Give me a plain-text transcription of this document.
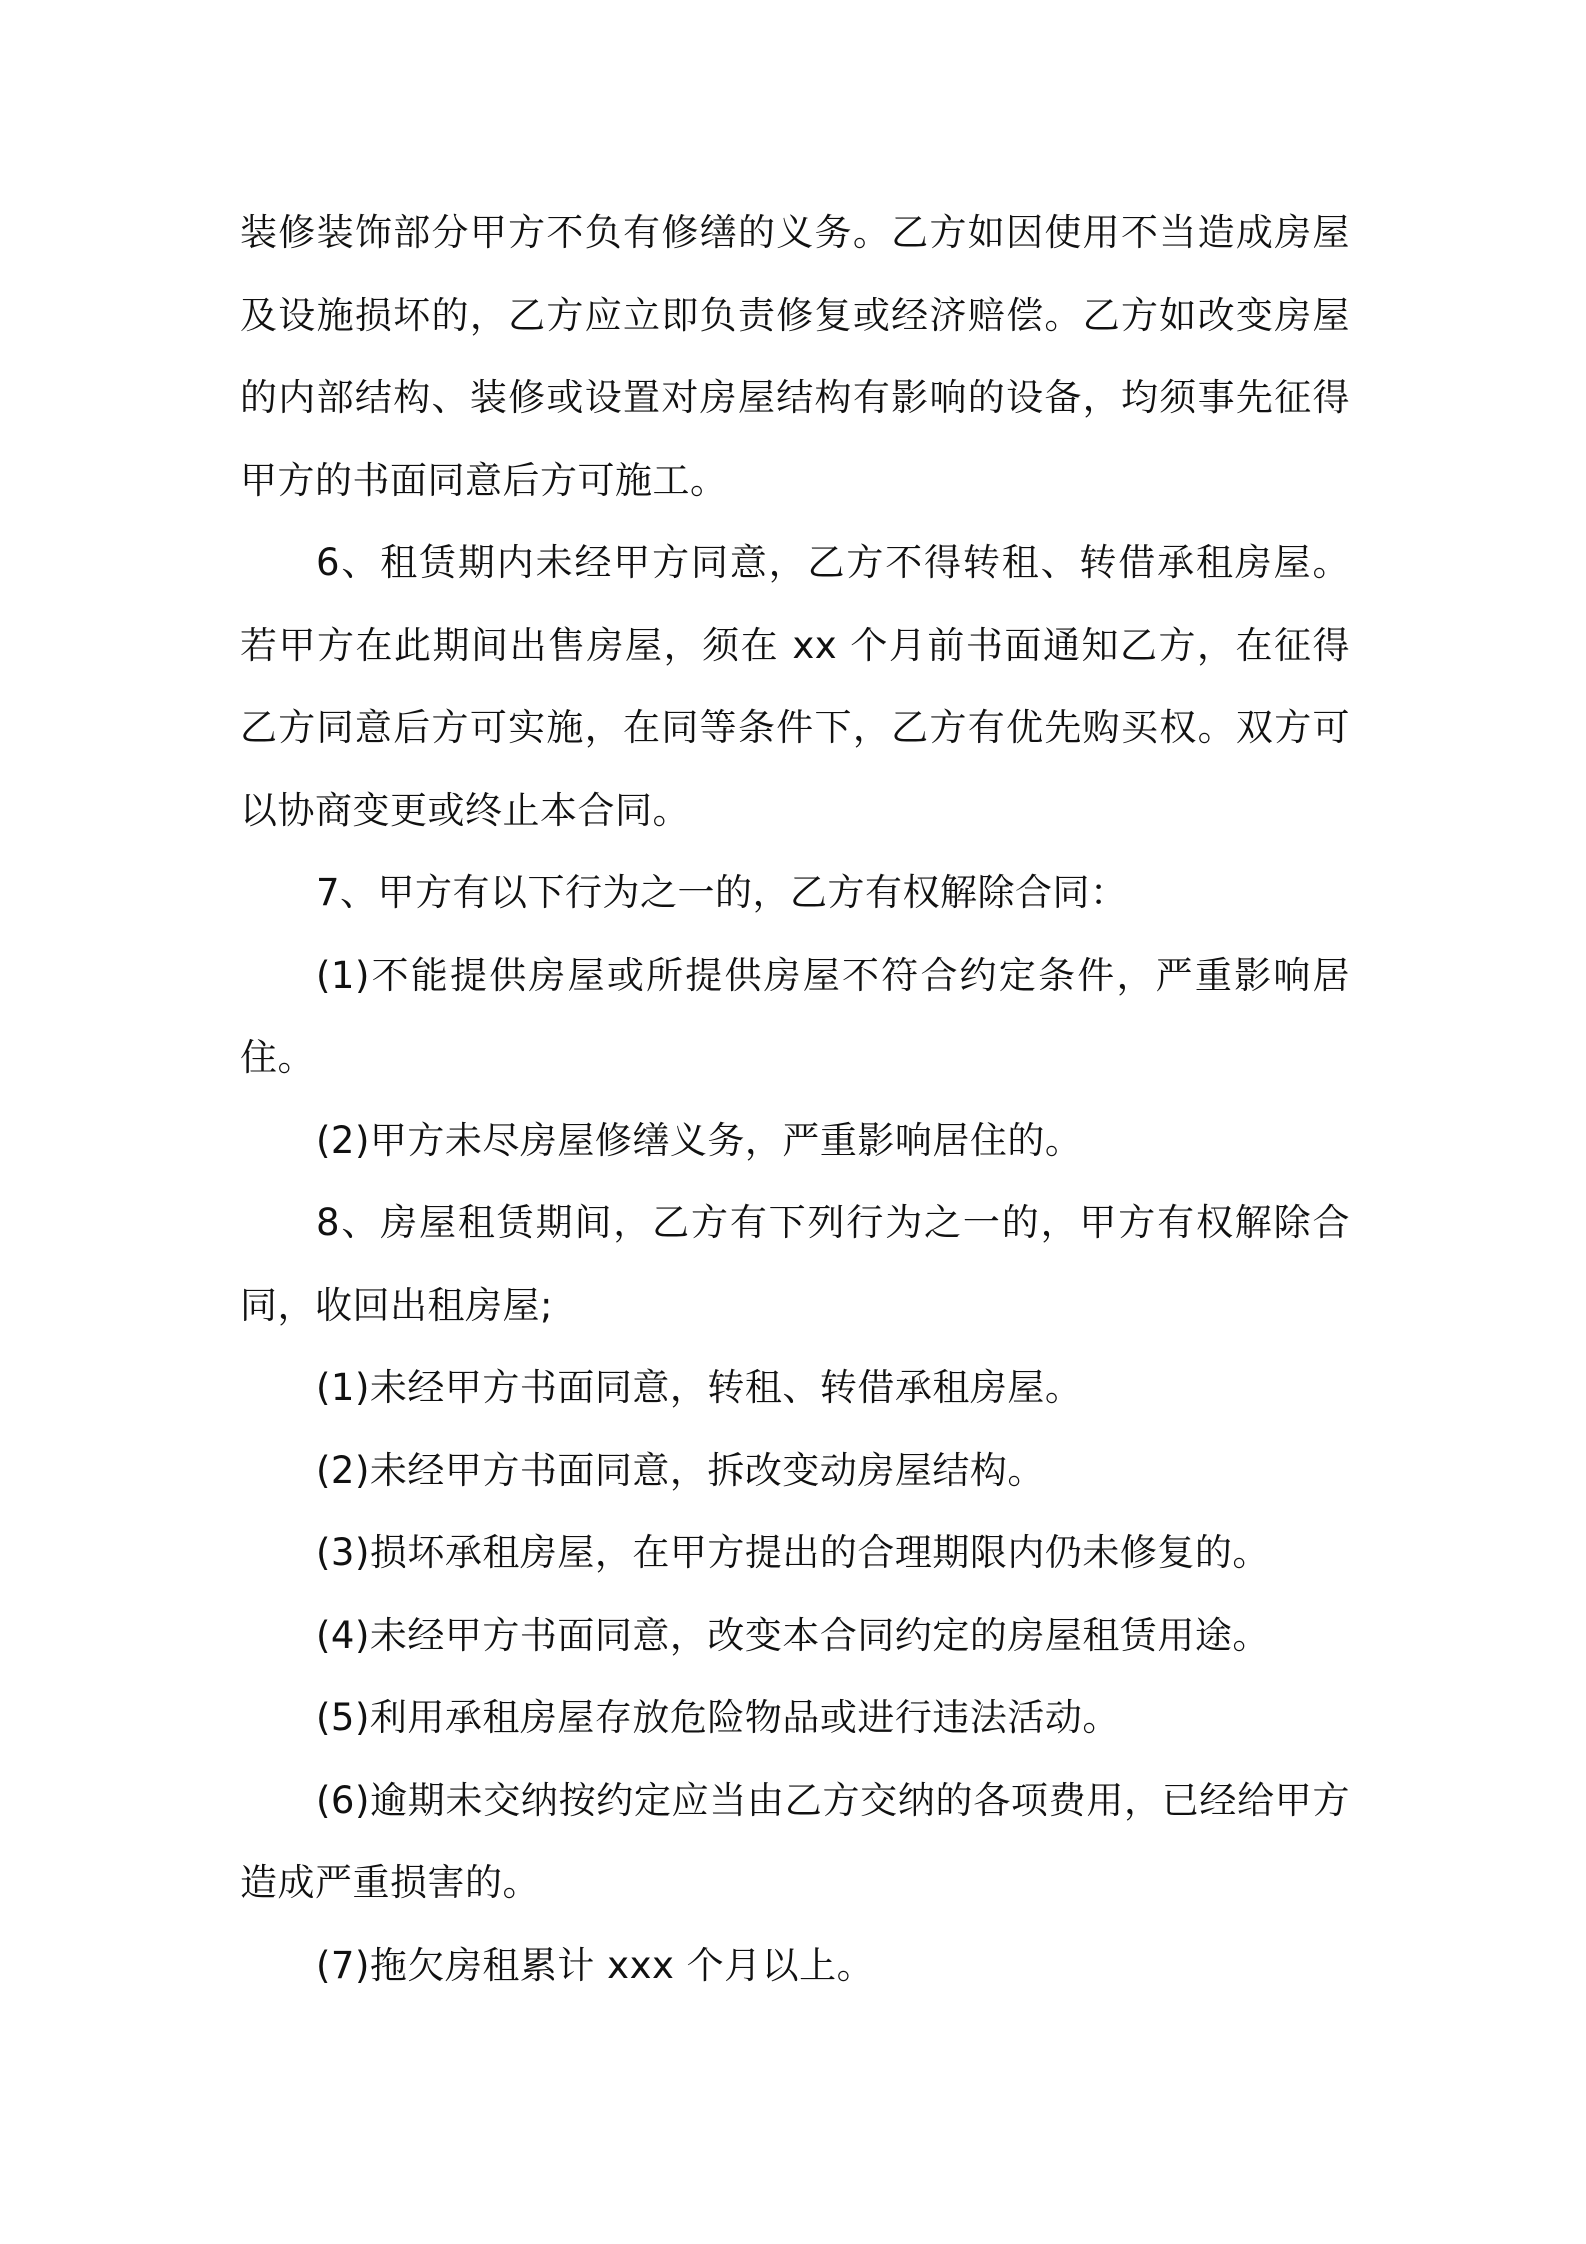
装修装饰部分甲方不负有修缮的义务。乙方如因使用不当造成房屋及设施损坏的，乙方应立即负责修复或经济赔偿。乙方如改变房屋的内部结构、装修或设置对房屋结构有影响的设备，均须事先征得甲方的书面同意后方可施工。

6、租赁期内未经甲方同意，乙方不得转租、转借承租房屋。若甲方在此期间出售房屋，须在 xx 个月前书面通知乙方，在征得乙方同意后方可实施，在同等条件下，乙方有优先购买权。双方可以协商变更或终止本合同。

7、甲方有以下行为之一的，乙方有权解除合同：

(1)不能提供房屋或所提供房屋不符合约定条件，严重影响居住。

(2)甲方未尽房屋修缮义务，严重影响居住的。

8、房屋租赁期间，乙方有下列行为之一的，甲方有权解除合同，收回出租房屋;

(1)未经甲方书面同意，转租、转借承租房屋。

(2)未经甲方书面同意，拆改变动房屋结构。

(3)损坏承租房屋，在甲方提出的合理期限内仍未修复的。

(4)未经甲方书面同意，改变本合同约定的房屋租赁用途。

(5)利用承租房屋存放危险物品或进行违法活动。

(6)逾期未交纳按约定应当由乙方交纳的各项费用，已经给甲方造成严重损害的。

(7)拖欠房租累计 xxx 个月以上。
